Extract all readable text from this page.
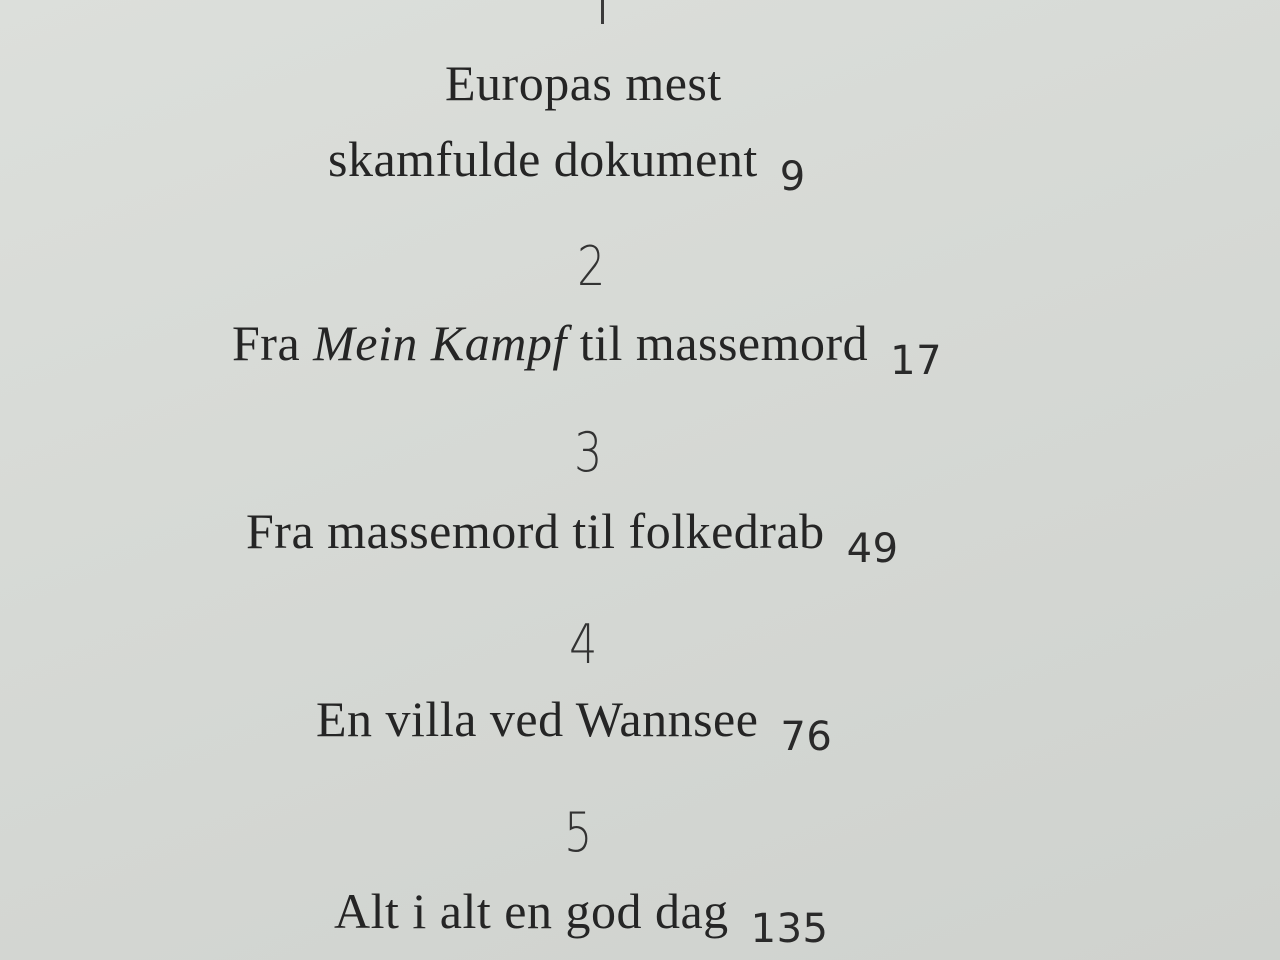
Europas mest
skamfulde dokument $_9$
2
Fra Mein Kampf til massemord $_{17}$
3
Fra massemord til folkedrab $_{49}$
4
En villa ved Wannsee $_{76}$
5
Alt i alt en god dag $_{135}$
